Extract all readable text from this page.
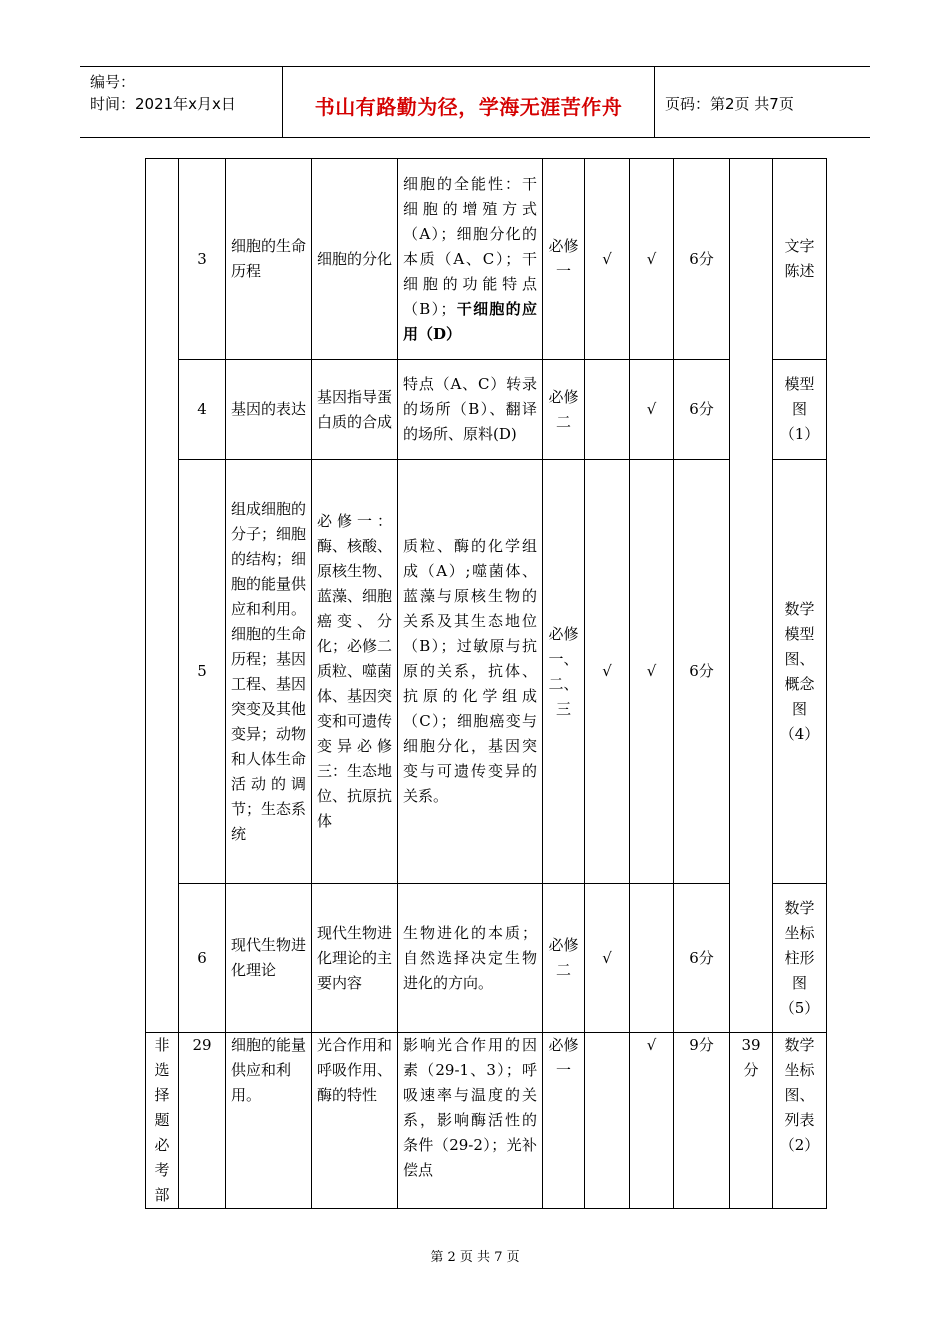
编号：
时间：2021年x月x日	书山有路勤为径，学海无涯苦作舟	页码：第2页 共7页
	3	细胞的生命历程	细胞的分化	细胞的全能性：干细胞的增殖方式（A）；细胞分化的本质（A、C）；干细胞的功能特点（B）；干细胞的应用（D）	必修一	√	√	6分		文字陈述
	4	基因的表达	基因指导蛋白质的合成	特点（A、C）转录的场所（B）、翻译的场所、原料(D)	必修二		√	6分		模型图（1）
	5	组成细胞的分子；细胞的结构；细胞的能量供应和利用。细胞的生命历程；基因工程、基因突变及其他变异；动物和人体生命活动的调节；生态系统	必修一：酶、核酸、原核生物、蓝藻、细胞癌变、分化；必修二质粒、噬菌体、基因突变和可遗传变异必修三：生态地位、抗原抗体	质粒、酶的化学组成（A）;噬菌体、蓝藻与原核生物的关系及其生态地位（B）；过敏原与抗原的关系，抗体、抗原的化学组成（C）；细胞癌变与细胞分化，基因突变与可遗传变异的关系。	必修一、二、三	√	√	6分		数学模型图、概念图（4）
	6	现代生物进化理论	现代生物进化理论的主要内容	生物进化的本质；自然选择决定生物进化的方向。	必修二	√		6分		数学坐标柱形图（5）
非选择题必考部	29	细胞的能量供应和利用。	光合作用和呼吸作用、酶的特性	影响光合作用的因素（29-1、3）；呼吸速率与温度的关系，影响酶活性的条件（29-2）；光补偿点	必修一		√	9分	39分	数学坐标图、列表（2）
第 2 页 共 7 页
